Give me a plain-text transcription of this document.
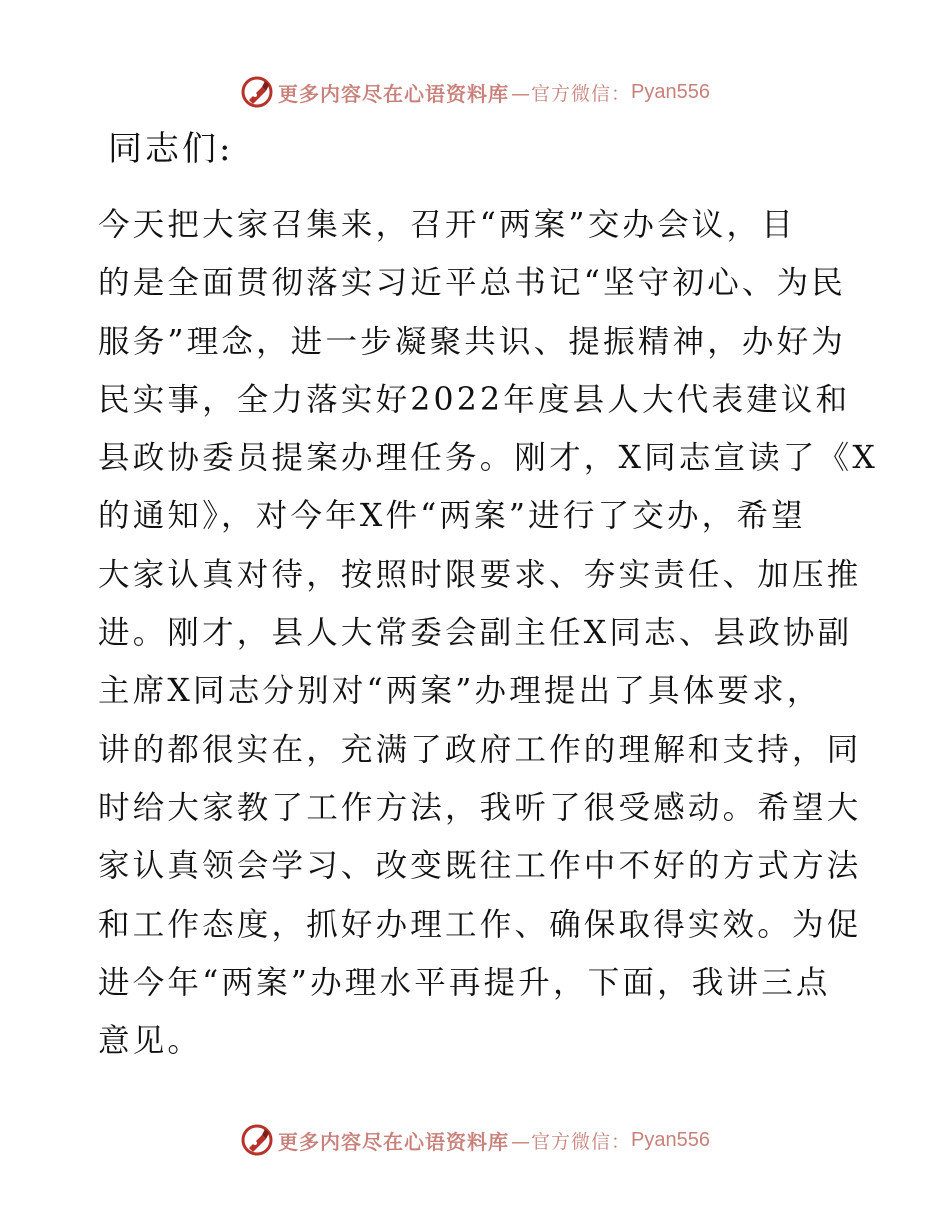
更多内容尽在心语资料库 —官方微信： Pyan556
同志们:

今天把大家召集来，召开“两案”交办会议，目
的是全面贯彻落实习近平总书记“坚守初心、为民
服务”理念，进一步凝聚共识、提振精神，办好为
民实事，全力落实好2022年度县人大代表建议和
县政协委员提案办理任务。刚才，X同志宣读了《X
的通知》，对今年X件“两案”进行了交办，希望
大家认真对待，按照时限要求、夯实责任、加压推
进。刚才，县人大常委会副主任X同志、县政协副
主席X同志分别对“两案”办理提出了具体要求，
讲的都很实在，充满了政府工作的理解和支持，同
时给大家教了工作方法，我听了很受感动。希望大
家认真领会学习、改变既往工作中不好的方式方法
和工作态度，抓好办理工作、确保取得实效。为促
进今年“两案”办理水平再提升，下面，我讲三点
意见。

更多内容尽在心语资料库 —官方微信： Pyan556
